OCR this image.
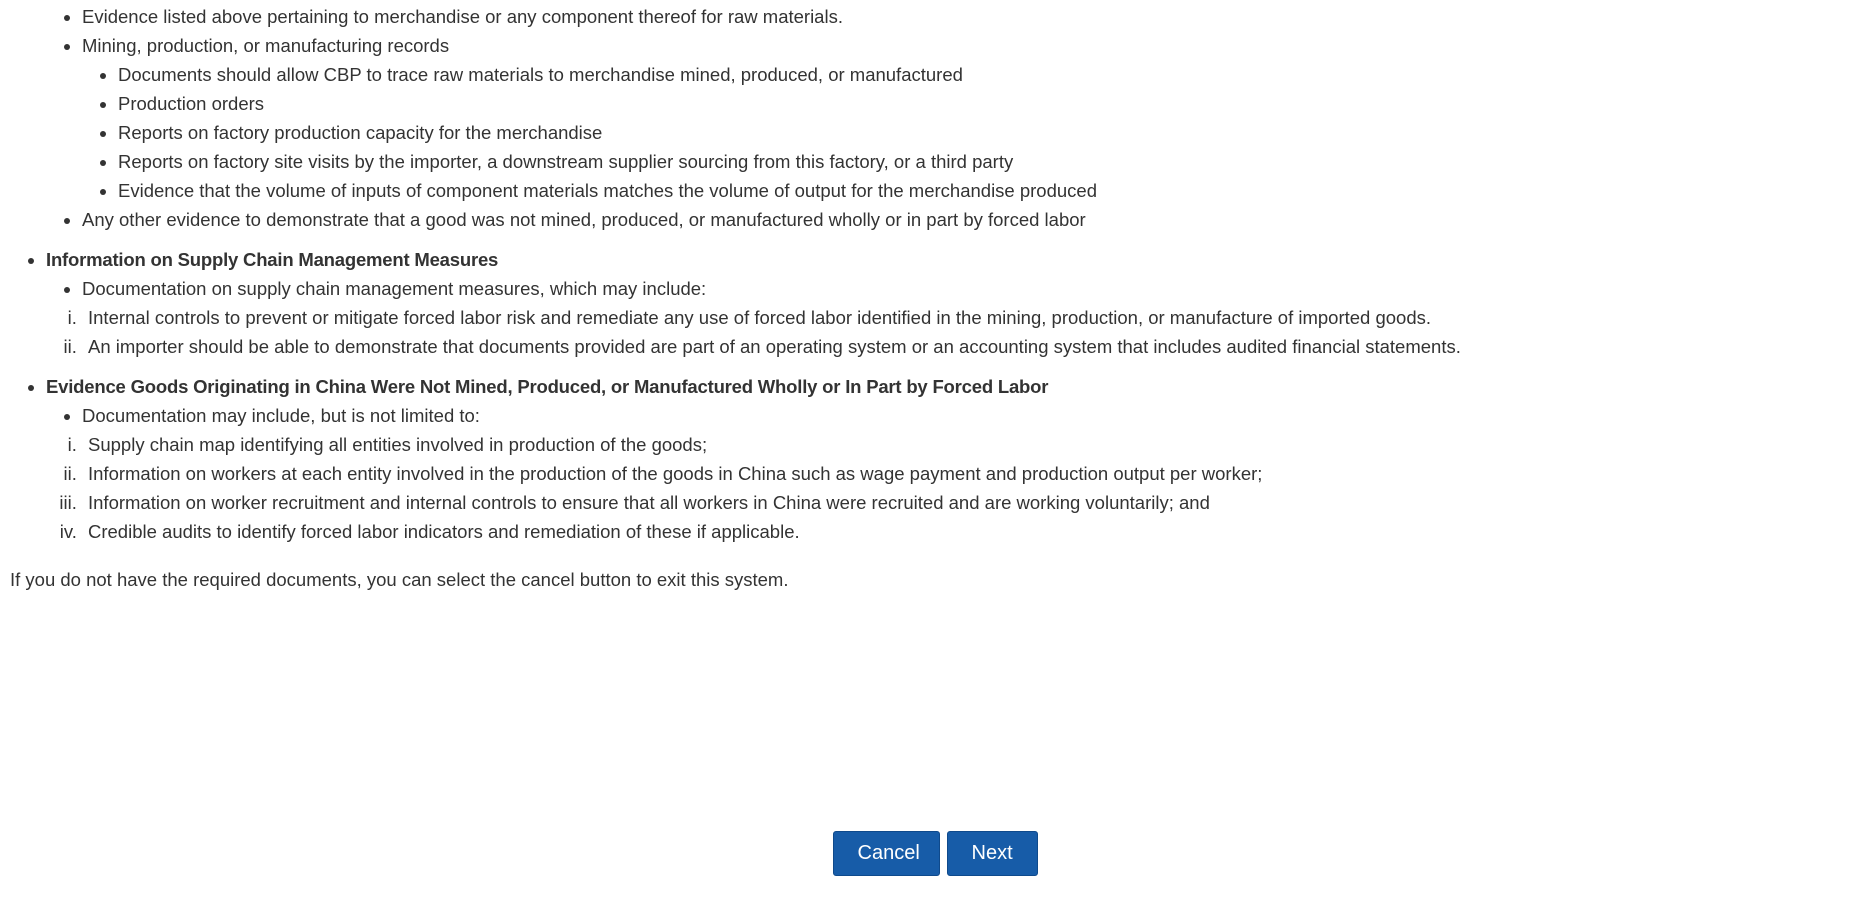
• Evidence listed above pertaining to merchandise or any component thereof for raw materials.
• Mining, production, or manufacturing records
• Documents should allow CBP to trace raw materials to merchandise mined, produced, or manufactured
• Production orders
• Reports on factory production capacity for the merchandise
• Reports on factory site visits by the importer, a downstream supplier sourcing from this factory, or a third party
• Evidence that the volume of inputs of component materials matches the volume of output for the merchandise produced
• Any other evidence to demonstrate that a good was not mined, produced, or manufactured wholly or in part by forced labor
• Information on Supply Chain Management Measures
• Documentation on supply chain management measures, which may include:
i. Internal controls to prevent or mitigate forced labor risk and remediate any use of forced labor identified in the mining, production, or manufacture of imported goods.
ii. An importer should be able to demonstrate that documents provided are part of an operating system or an accounting system that includes audited financial statements.
• Evidence Goods Originating in China Were Not Mined, Produced, or Manufactured Wholly or In Part by Forced Labor
• Documentation may include, but is not limited to:
i. Supply chain map identifying all entities involved in production of the goods;
ii. Information on workers at each entity involved in the production of the goods in China such as wage payment and production output per worker;
iii. Information on worker recruitment and internal controls to ensure that all workers in China were recruited and are working voluntarily; and
iv. Credible audits to identify forced labor indicators and remediation of these if applicable.

If you do not have the required documents, you can select the cancel button to exit this system.

Cancel	Next
